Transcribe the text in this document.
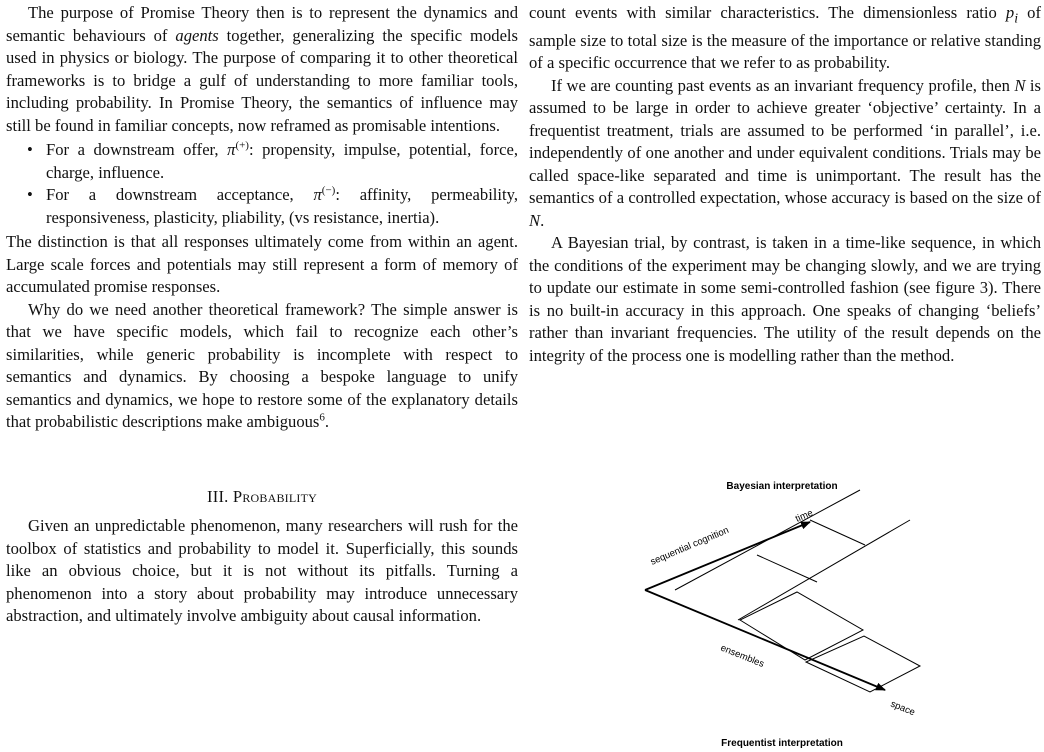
The purpose of Promise Theory then is to represent the dynamics and semantic behaviours of agents together, generalizing the specific models used in physics or biology. The purpose of comparing it to other theoretical frameworks is to bridge a gulf of understanding to more familiar tools, including probability. In Promise Theory, the semantics of influence may still be found in familiar concepts, now reframed as promisable intentions.

• For a downstream offer, π(+): propensity, impulse, potential, force, charge, influence.
• For a downstream acceptance, π(−): affinity, permeability, responsiveness, plasticity, pliability, (vs resistance, inertia).

The distinction is that all responses ultimately come from within an agent. Large scale forces and potentials may still represent a form of memory of accumulated promise responses.

Why do we need another theoretical framework? The simple answer is that we have specific models, which fail to recognize each other’s similarities, while generic probability is incomplete with respect to semantics and dynamics. By choosing a bespoke language to unify semantics and dynamics, we hope to restore some of the explanatory details that probabilistic descriptions make ambiguous$^6$.

III. Probability

Given an unpredictable phenomenon, many researchers will rush for the toolbox of statistics and probability to model it. Superficially, this sounds like an obvious choice, but it is not without its pitfalls. Turning a phenomenon into a story about probability may introduce unnecessary abstraction, and ultimately involve ambiguity about causal information.

count events with similar characteristics. The dimensionless ratio $p_i$ of sample size to total size is the measure of the importance or relative standing of a specific occurrence that we refer to as probability.

If we are counting past events as an invariant frequency profile, then N is assumed to be large in order to achieve greater ‘objective’ certainty. In a frequentist treatment, trials are assumed to be performed ‘in parallel’, i.e. independently of one another and under equivalent conditions. Trials may be called space-like separated and time is unimportant. The result has the semantics of a controlled expectation, whose accuracy is based on the size of N.

A Bayesian trial, by contrast, is taken in a time-like sequence, in which the conditions of the experiment may be changing slowly, and we are trying to update our estimate in some semi-controlled fashion (see figure 3). There is no built-in accuracy in this approach. One speaks of changing ‘beliefs’ rather than invariant frequencies. The utility of the result depends on the integrity of the process one is modelling rather than the method.

Bayesian interpretation
Frequentist interpretation
sequential cognition
time
ensembles
space
